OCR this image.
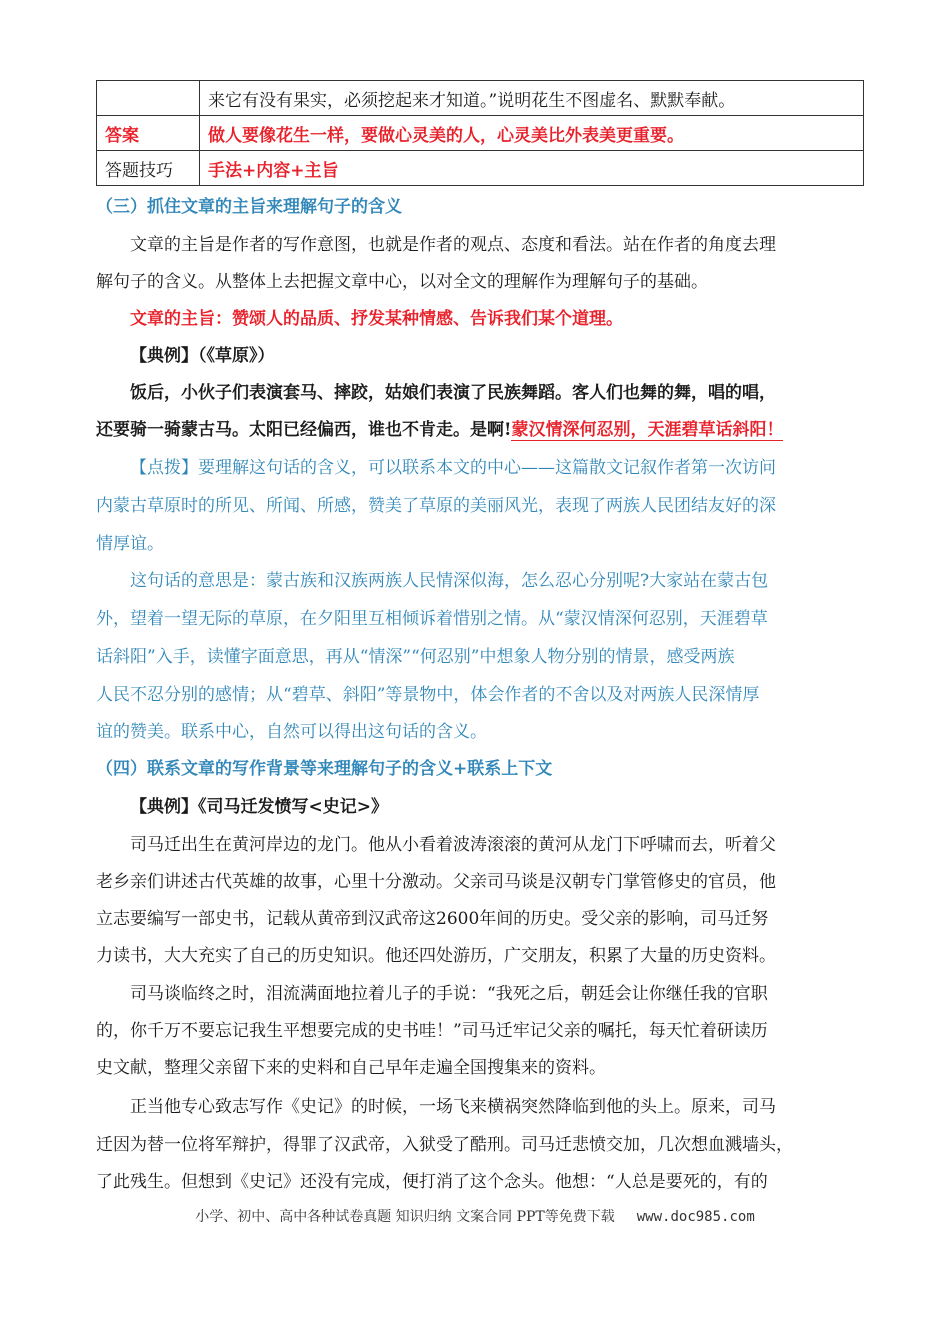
	来它有没有果实，必须挖起来才知道。”说明花生不图虚名、默默奉献。
答案	做人要像花生一样，要做心灵美的人，心灵美比外表美更重要。
答题技巧	手法+内容+主旨
（三）抓住文章的主旨来理解句子的含义
文章的主旨是作者的写作意图，也就是作者的观点、态度和看法。站在作者的角度去理
解句子的含义。从整体上去把握文章中心，以对全文的理解作为理解句子的基础。
文章的主旨：赞颂人的品质、抒发某种情感、告诉我们某个道理。
【典例】（《草原》）
饭后，小伙子们表演套马、摔跤，姑娘们表演了民族舞蹈。客人们也舞的舞，唱的唱，
还要骑一骑蒙古马。太阳已经偏西，谁也不肯走。是啊!蒙汉情深何忍别，天涯碧草话斜阳！
【点拨】要理解这句话的含义，可以联系本文的中心——这篇散文记叙作者第一次访问
内蒙古草原时的所见、所闻、所感，赞美了草原的美丽风光，表现了两族人民团结友好的深
情厚谊。
这句话的意思是：蒙古族和汉族两族人民情深似海，怎么忍心分别呢?大家站在蒙古包
外，望着一望无际的草原，在夕阳里互相倾诉着惜别之情。从“蒙汉情深何忍别，天涯碧草
话斜阳”入手，读懂字面意思，再从“情深”“何忍别”中想象人物分别的情景，感受两族
人民不忍分别的感情；从“碧草、斜阳”等景物中，体会作者的不舍以及对两族人民深情厚
谊的赞美。联系中心，自然可以得出这句话的含义。
（四）联系文章的写作背景等来理解句子的含义+联系上下文
【典例】《司马迁发愤写<史记>》
司马迁出生在黄河岸边的龙门。他从小看着波涛滚滚的黄河从龙门下呼啸而去，听着父
老乡亲们讲述古代英雄的故事，心里十分激动。父亲司马谈是汉朝专门掌管修史的官员，他
立志要编写一部史书，记载从黄帝到汉武帝这2600年间的历史。受父亲的影响，司马迁努
力读书，大大充实了自己的历史知识。他还四处游历，广交朋友，积累了大量的历史资料。
司马谈临终之时，泪流满面地拉着儿子的手说：“我死之后，朝廷会让你继任我的官职
的，你千万不要忘记我生平想要完成的史书哇！”司马迁牢记父亲的嘱托，每天忙着研读历
史文献，整理父亲留下来的史料和自己早年走遍全国搜集来的资料。
正当他专心致志写作《史记》的时候，一场飞来横祸突然降临到他的头上。原来，司马
迁因为替一位将军辩护，得罪了汉武帝，入狱受了酷刑。司马迁悲愤交加，几次想血溅墙头，
了此残生。但想到《史记》还没有完成，便打消了这个念头。他想：“人总是要死的，有的
小学、初中、高中各种试卷真题 知识归纳 文案合同 PPT等免费下载 www.doc985.com
